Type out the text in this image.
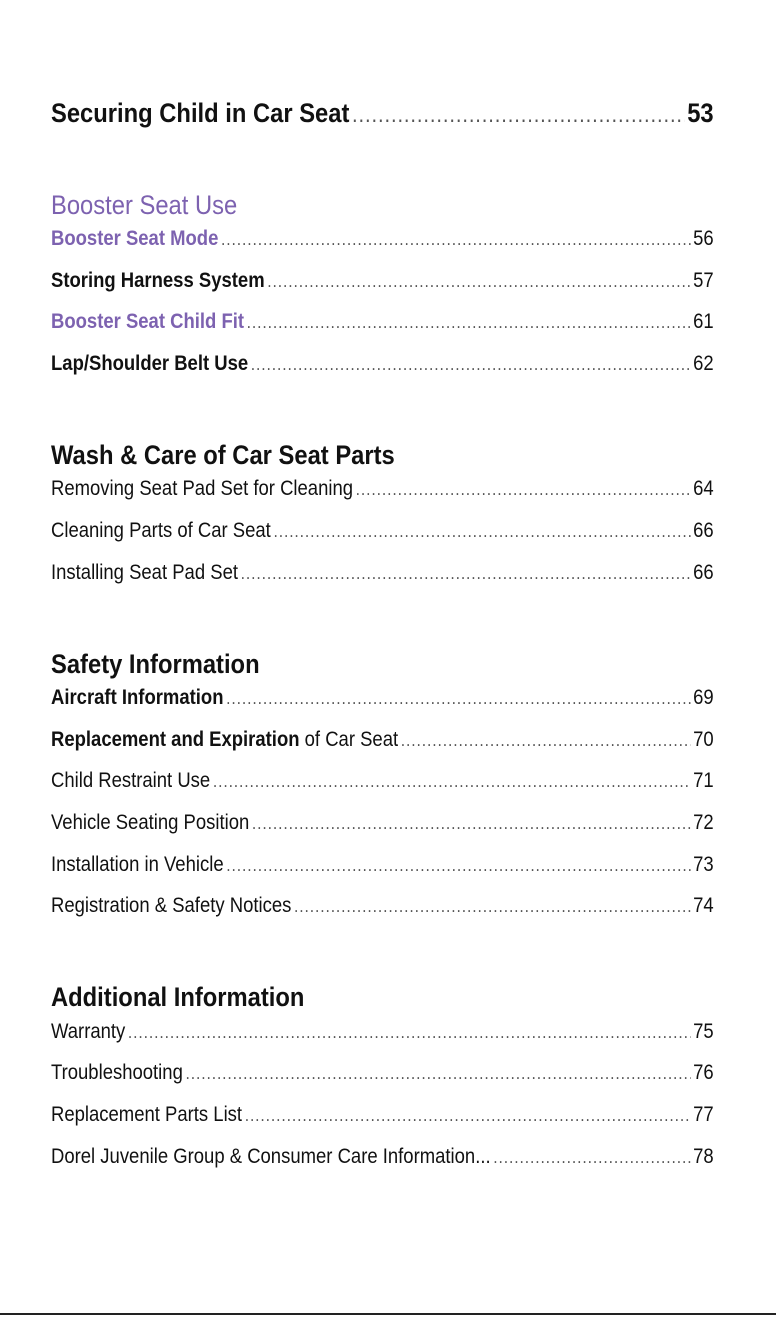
Securing Child in Car Seat .....	53
Booster Seat Use
Booster Seat Mode .....	56
Storing Harness System .....	57
Booster Seat Child Fit .....	61
Lap/Shoulder Belt Use .....	62
Wash & Care of Car Seat Parts
Removing Seat Pad Set for Cleaning .....	64
Cleaning Parts of Car Seat .....	66
Installing Seat Pad Set .....	66
Safety Information
Aircraft Information .....	69
Replacement and Expiration of Car Seat .....	70
Child Restraint Use .....	71
Vehicle Seating Position .....	72
Installation in Vehicle .....	73
Registration & Safety Notices .....	74
Additional Information
Warranty .....	75
Troubleshooting .....	76
Replacement Parts List .....	77
Dorel Juvenile Group & Consumer Care Information... .....	78
